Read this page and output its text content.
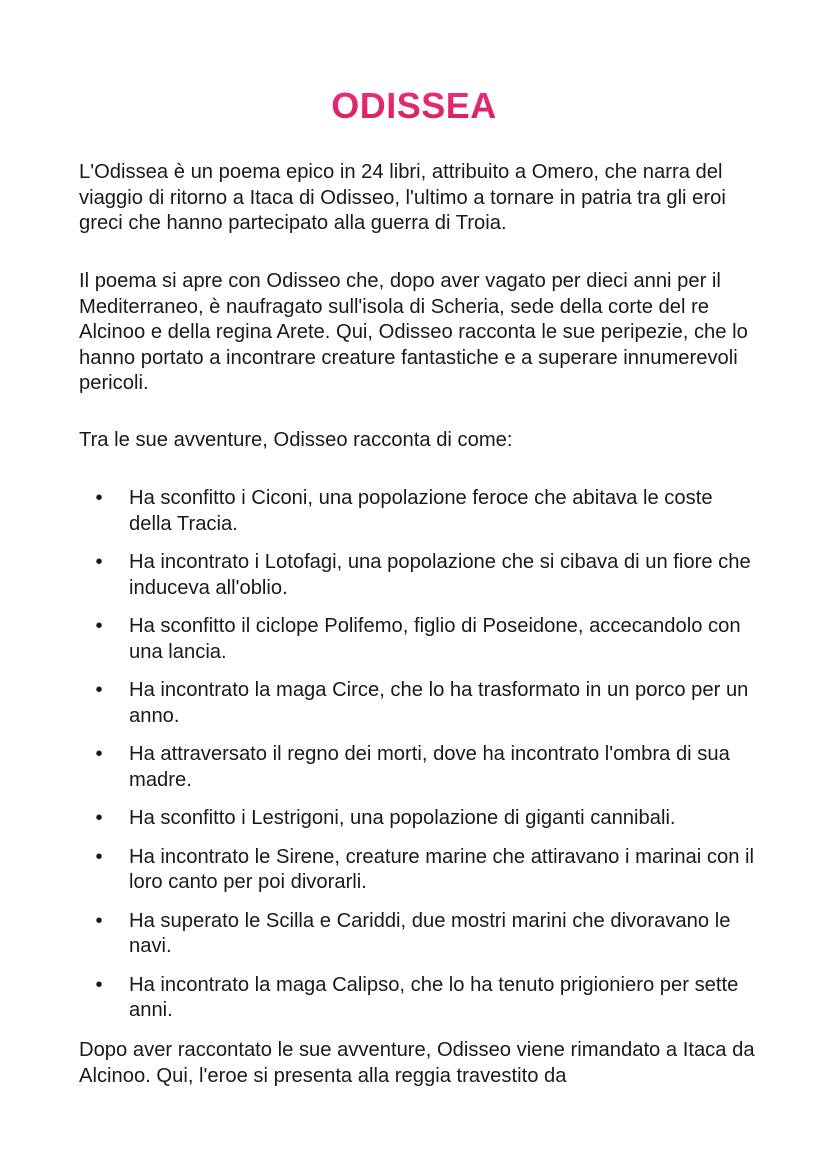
ODISSEA

L'Odissea è un poema epico in 24 libri, attribuito a Omero, che narra del viaggio di ritorno a Itaca di Odisseo, l'ultimo a tornare in patria tra gli eroi greci che hanno partecipato alla guerra di Troia.

Il poema si apre con Odisseo che, dopo aver vagato per dieci anni per il Mediterraneo, è naufragato sull'isola di Scheria, sede della corte del re Alcinoo e della regina Arete. Qui, Odisseo racconta le sue peripezie, che lo hanno portato a incontrare creature fantastiche e a superare innumerevoli pericoli.

Tra le sue avventure, Odisseo racconta di come:

• Ha sconfitto i Ciconi, una popolazione feroce che abitava le coste della Tracia.
• Ha incontrato i Lotofagi, una popolazione che si cibava di un fiore che induceva all'oblio.
• Ha sconfitto il ciclope Polifemo, figlio di Poseidone, accecandolo con una lancia.
• Ha incontrato la maga Circe, che lo ha trasformato in un porco per un anno.
• Ha attraversato il regno dei morti, dove ha incontrato l'ombra di sua madre.
• Ha sconfitto i Lestrigoni, una popolazione di giganti cannibali.
• Ha incontrato le Sirene, creature marine che attiravano i marinai con il loro canto per poi divorarli.
• Ha superato le Scilla e Cariddi, due mostri marini che divoravano le navi.
• Ha incontrato la maga Calipso, che lo ha tenuto prigioniero per sette anni.

Dopo aver raccontato le sue avventure, Odisseo viene rimandato a Itaca da Alcinoo. Qui, l'eroe si presenta alla reggia travestito da
